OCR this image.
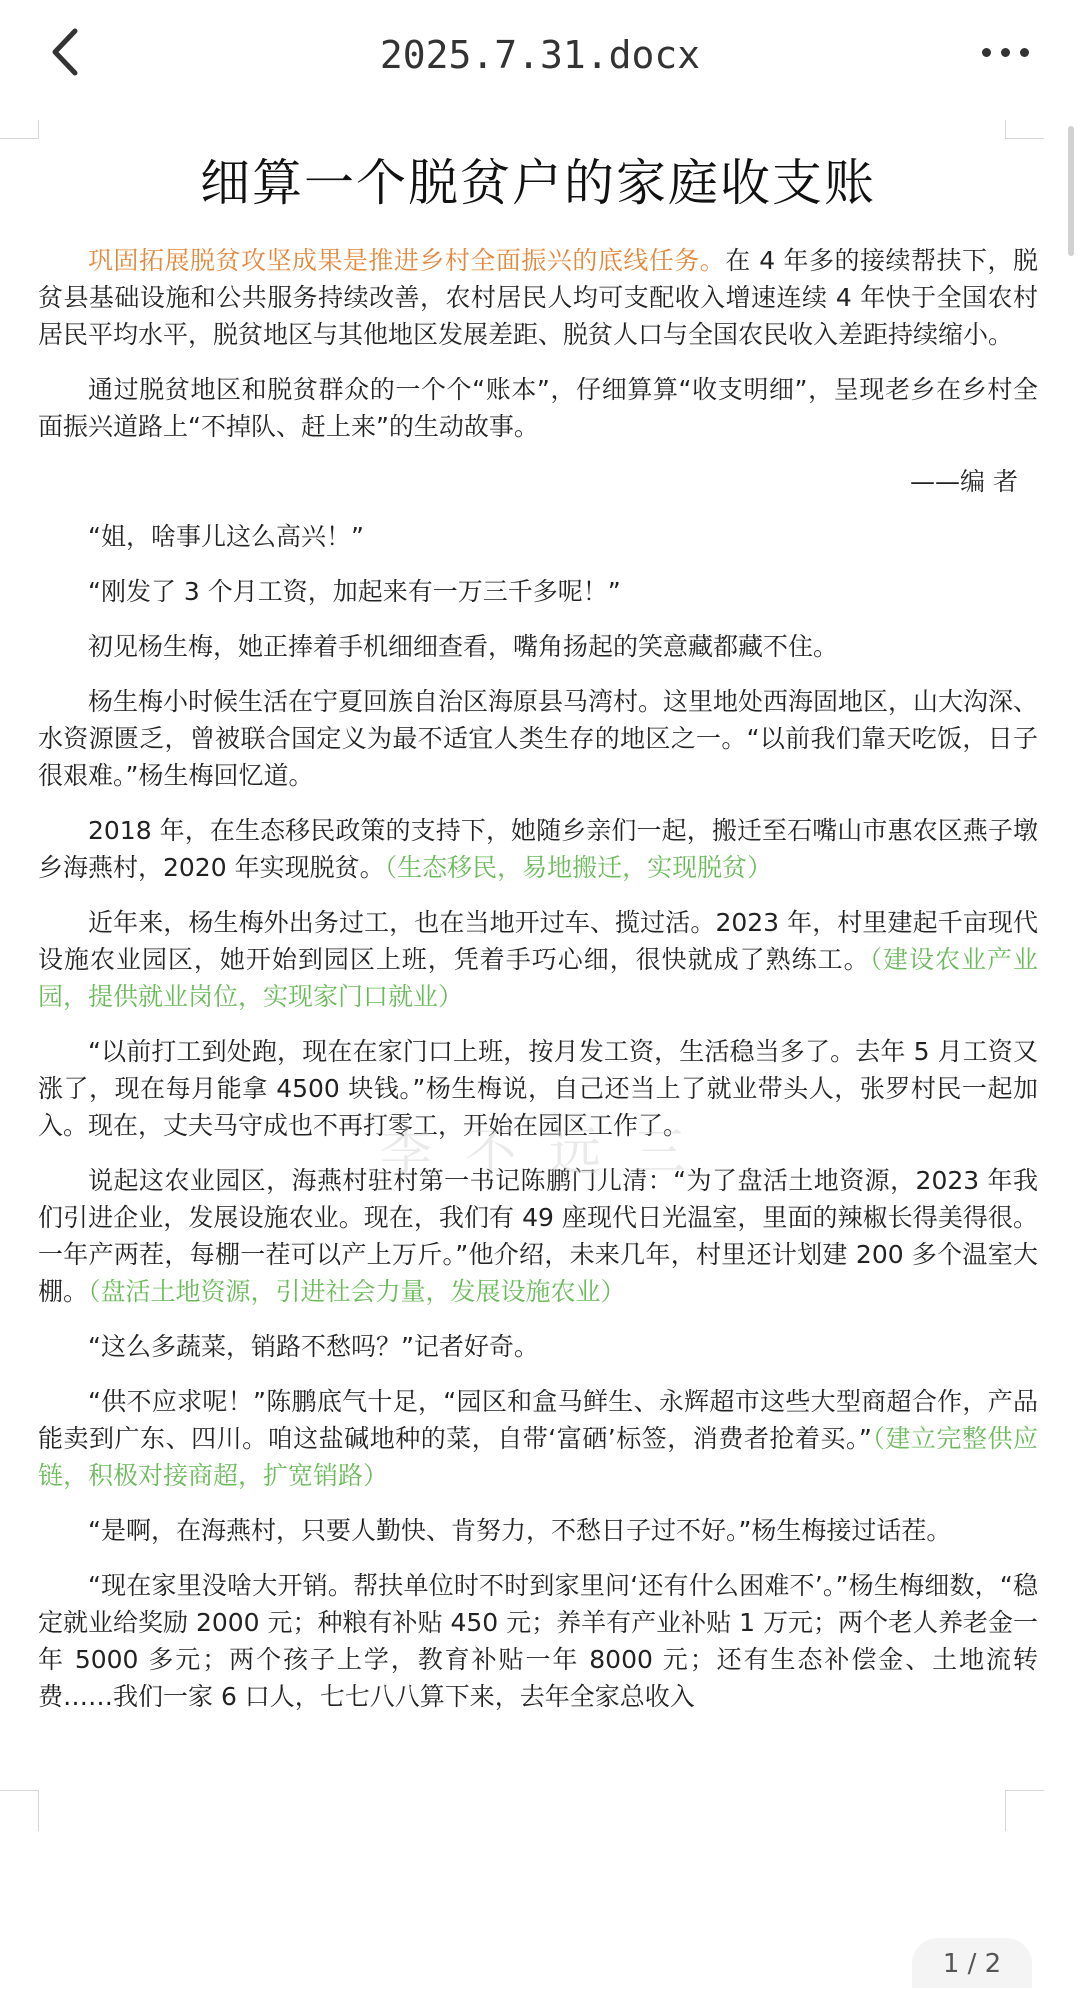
2025.7.31.docx
细算一个脱贫户的家庭收支账

巩固拓展脱贫攻坚成果是推进乡村全面振兴的底线任务。在 4 年多的接续帮扶下，脱贫县基础设施和公共服务持续改善，农村居民人均可支配收入增速连续 4 年快于全国农村居民平均水平，脱贫地区与其他地区发展差距、脱贫人口与全国农民收入差距持续缩小。

通过脱贫地区和脱贫群众的一个个“账本”，仔细算算“收支明细”，呈现老乡在乡村全面振兴道路上“不掉队、赶上来”的生动故事。

——编 者

“姐，啥事儿这么高兴！”

“刚发了 3 个月工资，加起来有一万三千多呢！”

初见杨生梅，她正捧着手机细细查看，嘴角扬起的笑意藏都藏不住。

杨生梅小时候生活在宁夏回族自治区海原县马湾村。这里地处西海固地区，山大沟深、水资源匮乏，曾被联合国定义为最不适宜人类生存的地区之一。“以前我们靠天吃饭，日子很艰难。”杨生梅回忆道。

2018 年，在生态移民政策的支持下，她随乡亲们一起，搬迁至石嘴山市惠农区燕子墩乡海燕村，2020 年实现脱贫。（生态移民，易地搬迁，实现脱贫）

近年来，杨生梅外出务过工，也在当地开过车、揽过活。2023 年，村里建起千亩现代设施农业园区，她开始到园区上班，凭着手巧心细，很快就成了熟练工。（建设农业产业园，提供就业岗位，实现家门口就业）

“以前打工到处跑，现在在家门口上班，按月发工资，生活稳当多了。去年 5 月工资又涨了，现在每月能拿 4500 块钱。”杨生梅说，自己还当上了就业带头人，张罗村民一起加入。现在，丈夫马守成也不再打零工，开始在园区工作了。

说起这农业园区，海燕村驻村第一书记陈鹏门儿清：“为了盘活土地资源，2023 年我们引进企业，发展设施农业。现在，我们有 49 座现代日光温室，里面的辣椒长得美得很。一年产两茬，每棚一茬可以产上万斤。”他介绍，未来几年，村里还计划建 200 多个温室大棚。（盘活土地资源，引进社会力量，发展设施农业）

“这么多蔬菜，销路不愁吗？”记者好奇。

“供不应求呢！”陈鹏底气十足，“园区和盒马鲜生、永辉超市这些大型商超合作，产品能卖到广东、四川。咱这盐碱地种的菜，自带‘富硒’标签，消费者抢着买。”（建立完整供应链，积极对接商超，扩宽销路）

“是啊，在海燕村，只要人勤快、肯努力，不愁日子过不好。”杨生梅接过话茬。

“现在家里没啥大开销。帮扶单位时不时到家里问‘还有什么困难不’。”杨生梅细数，“稳定就业给奖励 2000 元；种粮有补贴 450 元；养羊有产业补贴 1 万元；两个老人养老金一年 5000 多元；两个孩子上学，教育补贴一年 8000 元；还有生态补偿金、土地流转费……我们一家 6 口人，七七八八算下来，去年全家总收入

李 不 远 三
1 / 2
